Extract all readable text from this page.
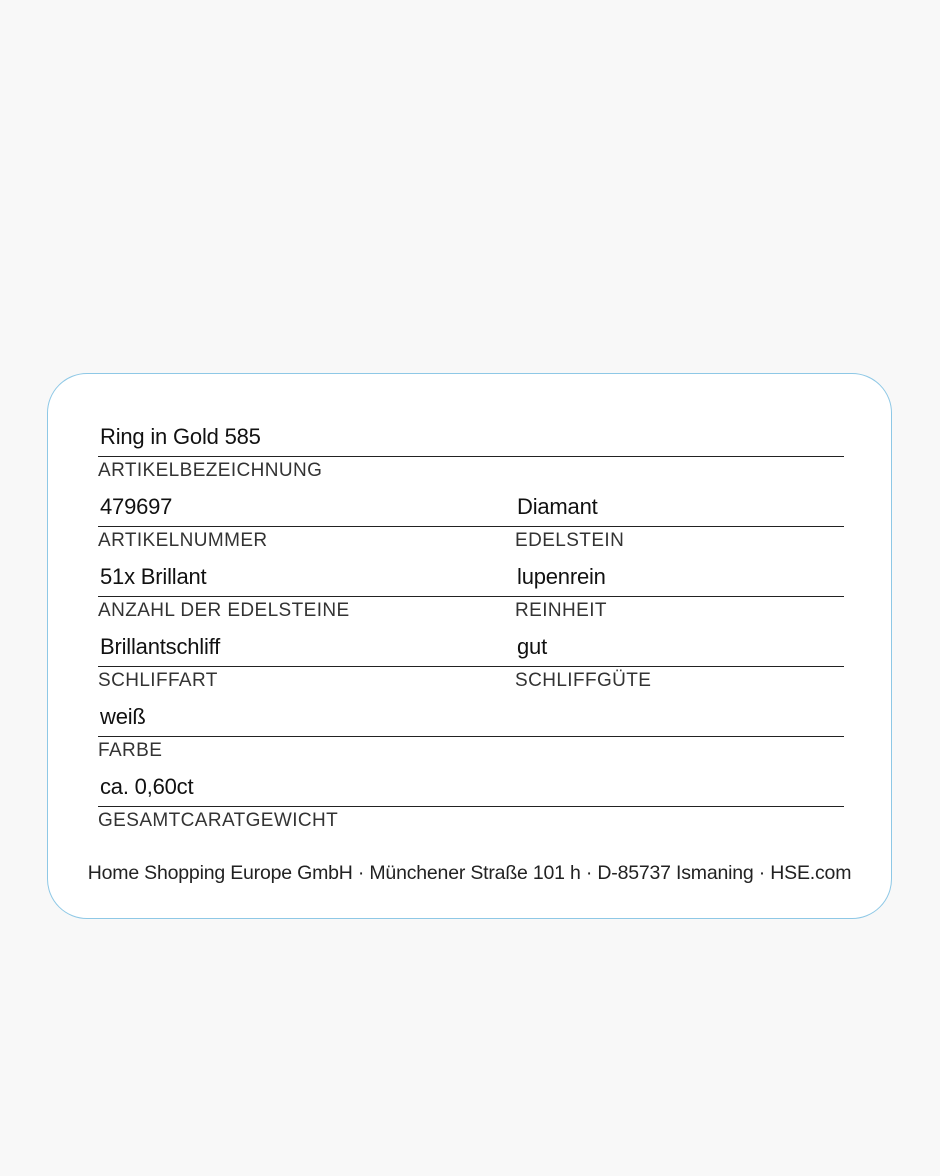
Ring in Gold 585
ARTIKELBEZEICHNUNG
479697
ARTIKELNUMMER
Diamant
EDELSTEIN
51x Brillant
ANZAHL DER EDELSTEINE
lupenrein
REINHEIT
Brillantschliff
SCHLIFFART
gut
SCHLIFFGÜTE
weiß
FARBE
ca. 0,60ct
GESAMTCARATGEWICHT
Home Shopping Europe GmbH · Münchener Straße 101 h · D-85737 Ismaning · HSE.com
